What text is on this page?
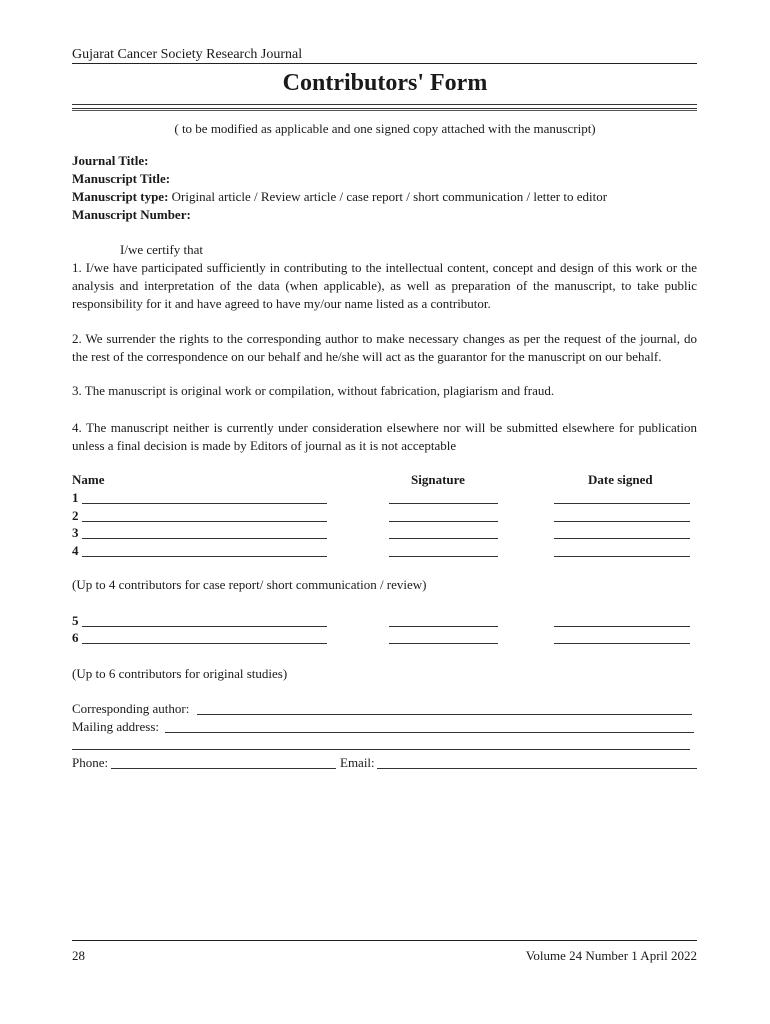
Gujarat Cancer Society Research Journal
Contributors' Form
( to be modified as applicable and one signed copy attached with the manuscript)
Journal Title:
Manuscript Title:
Manuscript type: Original article / Review article / case report / short communication / letter to editor
Manuscript Number:
I/we certify that
1. I/we have participated sufficiently in contributing to the intellectual content, concept and design of this work or the analysis and interpretation of the data (when applicable), as well as preparation of the manuscript, to take public responsibility for it and have agreed to have my/our name listed as a contributor.
2. We surrender the rights to the corresponding author to make necessary changes as per the request of the journal, do the rest of the correspondence on our behalf and he/she will act as the guarantor for the manuscript on our behalf.
3. The manuscript is original work or compilation, without fabrication, plagiarism and fraud.
4. The manuscript neither is currently under consideration elsewhere nor will be submitted elsewhere for publication unless a final decision is made by Editors of journal as it is not acceptable
Name	Signature	Date signed
1
2
3
4
(Up to 4 contributors for case report/ short communication / review)
5
6
(Up to 6 contributors for original studies)
Corresponding author:
Mailing address:
Phone:	Email:
28	Volume 24 Number 1 April 2022
